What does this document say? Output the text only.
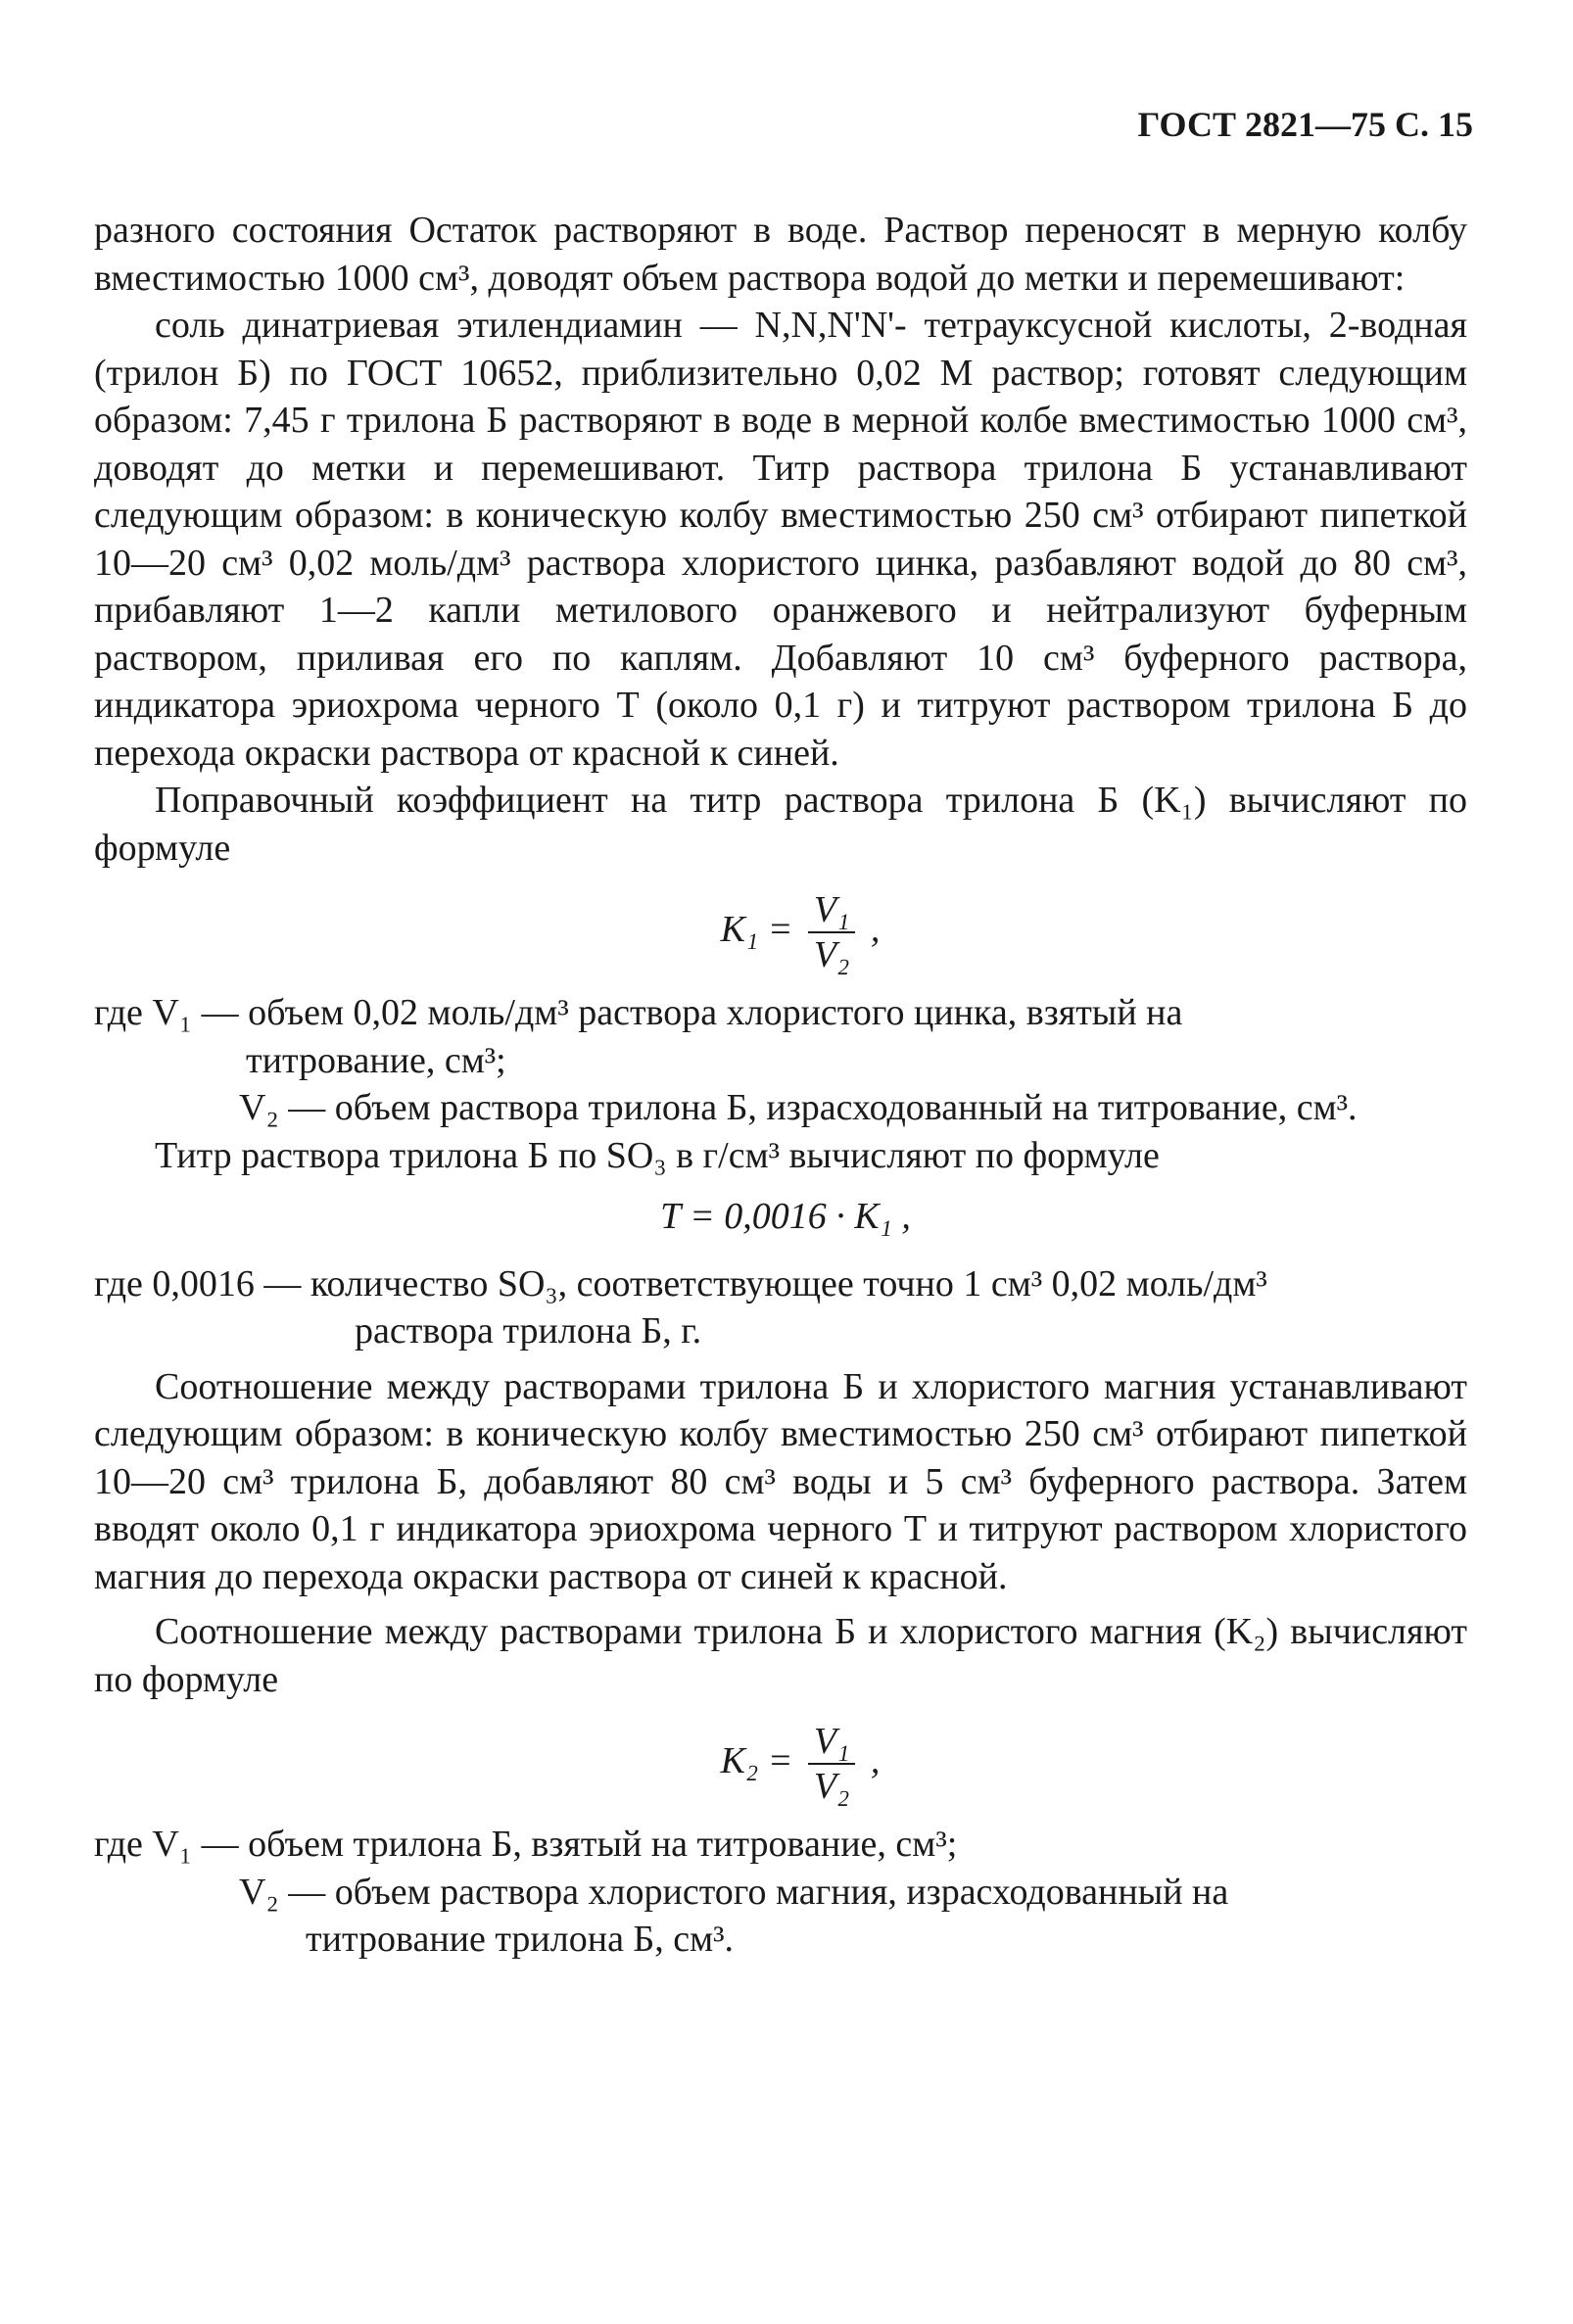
ГОСТ 2821—75 С. 15

разного состояния Остаток растворяют в воде. Раствор переносят в мерную колбу вместимостью 1000 см³, доводят объем раствора водой до метки и перемешивают:

соль динатриевая этилендиамин — N,N,N'N'- тетрауксусной кислоты, 2-водная (трилон Б) по ГОСТ 10652, приблизительно 0,02 М раствор; готовят следующим образом: 7,45 г трилона Б растворяют в воде в мерной колбе вместимостью 1000 см³, доводят до метки и перемешивают. Титр раствора трилона Б устанавливают следующим образом: в коническую колбу вместимостью 250 см³ отбирают пипеткой 10—20 см³ 0,02 моль/дм³ раствора хлористого цинка, разбавляют водой до 80 см³, прибавляют 1—2 капли метилового оранжевого и нейтрализуют буферным раствором, приливая его по каплям. Добавляют 10 см³ буферного раствора, индикатора эриохрома черного Т (около 0,1 г) и титруют раствором трилона Б до перехода окраски раствора от красной к синей.

Поправочный коэффициент на титр раствора трилона Б (K₁) вычисляют по формуле

$K_1 = \frac{\text{V₁}}{\text{V₂}}$ ,
где V₁ — объем 0,02 моль/дм³ раствора хлористого цинка, взятый на
титрование, см³;
V₂ — объем раствора трилона Б, израсходованный на титрование, см³.

Титр раствора трилона Б по SO₃ в г/см³ вычисляют по формуле

T = 0,0016 · K₁ ,
где 0,0016 — количество SO₃, соответствующее точно 1 см³ 0,02 моль/дм³
раствора трилона Б, г.

Соотношение между растворами трилона Б и хлористого магния устанавливают следующим образом: в коническую колбу вместимостью 250 см³ отбирают пипеткой 10—20 см³ трилона Б, добавляют 80 см³ воды и 5 см³ буферного раствора. Затем вводят около 0,1 г индикатора эриохрома черного Т и титруют раствором хлористого магния до перехода окраски раствора от синей к красной.

Соотношение между растворами трилона Б и хлористого магния (K₂) вычисляют по формуле

$K_2 = \frac{\text{V₁}}{\text{V₂}}$ ,
где V₁ — объем трилона Б, взятый на титрование, см³;
V₂ — объем раствора хлористого магния, израсходованный на
титрование трилона Б, см³.
